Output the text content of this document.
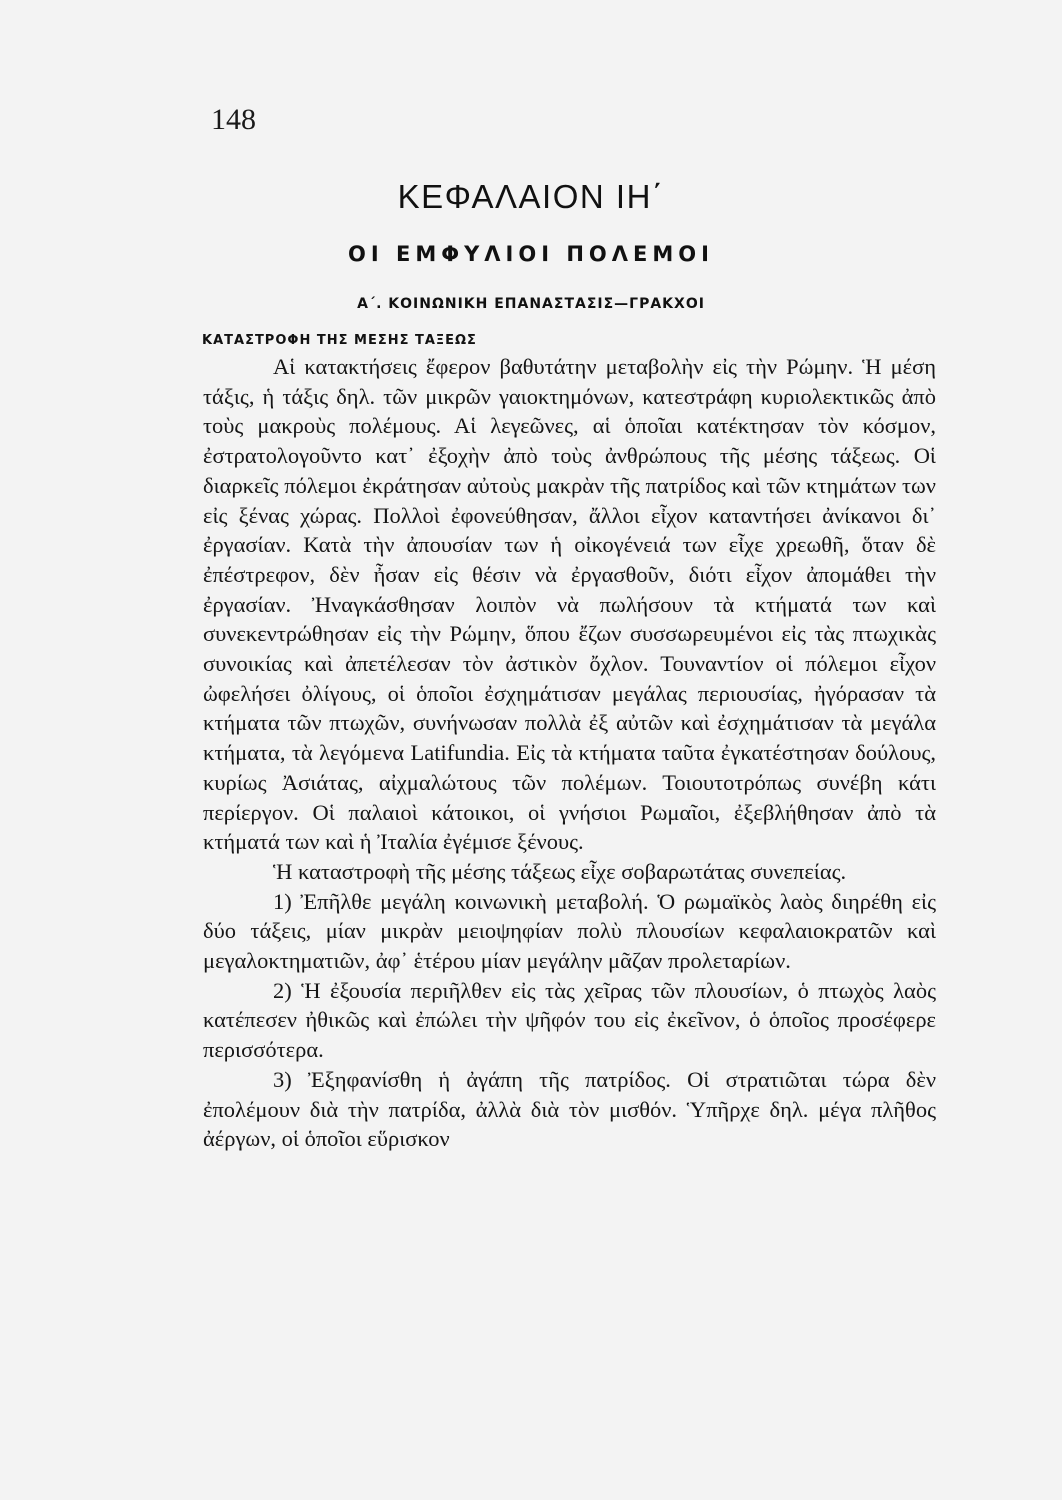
148
ΚΕΦΑΛΑΙΟΝ ΙΗ΄
ΟΙ ΕΜΦΥΛΙΟΙ ΠΟΛΕΜΟΙ
Α΄. ΚΟΙΝΩΝΙΚΗ ΕΠΑΝΑΣΤΑΣΙΣ—ΓΡΑΚΧΟΙ
ΚΑΤΑΣΤΡΟΦΗ ΤΗΣ ΜΕΣΗΣ ΤΑΞΕΩΣ

Αἱ κατακτήσεις ἔφερον βαθυτάτην μεταβολὴν εἰς τὴν Ρώμην. Ἡ μέση τάξις, ἡ τάξις δηλ. τῶν μικρῶν γαιοκτημόνων, κατεστράφη κυριολεκτικῶς ἀπὸ τοὺς μακροὺς πολέμους. Αἱ λεγεῶνες, αἱ ὁποῖαι κατέκτησαν τὸν κόσμον, ἐστρατολογοῦντο κατ᾽ ἐξοχὴν ἀπὸ τοὺς ἀνθρώπους τῆς μέσης τάξεως. Οἱ διαρκεῖς πόλεμοι ἐκράτησαν αὐτοὺς μακρὰν τῆς πατρίδος καὶ τῶν κτημάτων των εἰς ξένας χώρας. Πολλοὶ ἐφονεύθησαν, ἄλλοι εἶχον καταντήσει ἀνίκανοι δι᾽ ἐργασίαν. Κατὰ τὴν ἀπουσίαν των ἡ οἰκογένειά των εἶχε χρεωθῆ, ὅταν δὲ ἐπέστρεφον, δὲν ἦσαν εἰς θέσιν νὰ ἐργασθοῦν, διότι εἶχον ἀπομάθει τὴν ἐργασίαν. Ἠναγκάσθησαν λοιπὸν νὰ πωλήσουν τὰ κτήματά των καὶ συνεκεντρώθησαν εἰς τὴν Ρώμην, ὅπου ἔζων συσσωρευμένοι εἰς τὰς πτωχικὰς συνοικίας καὶ ἀπετέλεσαν τὸν ἀστικὸν ὄχλον. Τουναντίον οἱ πόλεμοι εἶχον ὠφελήσει ὀλίγους, οἱ ὁποῖοι ἐσχημάτισαν μεγάλας περιουσίας, ἠγόρασαν τὰ κτήματα τῶν πτωχῶν, συνήνωσαν πολλὰ ἐξ αὐτῶν καὶ ἐσχημάτισαν τὰ μεγάλα κτήματα, τὰ λεγόμενα Latifundia. Εἰς τὰ κτήματα ταῦτα ἐγκατέστησαν δούλους, κυρίως Ἀσιάτας, αἰχμαλώτους τῶν πολέμων. Τοιουτοτρόπως συνέβη κάτι περίεργον. Οἱ παλαιοὶ κάτοικοι, οἱ γνήσιοι Ρωμαῖοι, ἐξεβλήθησαν ἀπὸ τὰ κτήματά των καὶ ἡ Ἰταλία ἐγέμισε ξένους.

Ἡ καταστροφὴ τῆς μέσης τάξεως εἶχε σοβαρωτάτας συνεπείας.

1) Ἐπῆλθε μεγάλη κοινωνικὴ μεταβολή. Ὁ ρωμαϊκὸς λαὸς διηρέθη εἰς δύο τάξεις, μίαν μικρὰν μειοψηφίαν πολὺ πλουσίων κεφαλαιοκρατῶν καὶ μεγαλοκτηματιῶν, ἀφ᾽ ἑτέρου μίαν μεγάλην μᾶζαν προλεταρίων.

2) Ἡ ἐξουσία περιῆλθεν εἰς τὰς χεῖρας τῶν πλουσίων, ὁ πτωχὸς λαὸς κατέπεσεν ἠθικῶς καὶ ἐπώλει τὴν ψῆφόν του εἰς ἐκεῖνον, ὁ ὁποῖος προσέφερε περισσότερα.

3) Ἐξηφανίσθη ἡ ἀγάπη τῆς πατρίδος. Οἱ στρατιῶται τώρα δὲν ἐπολέμουν διὰ τὴν πατρίδα, ἀλλὰ διὰ τὸν μισθόν. Ὑπῆρχε δηλ. μέγα πλῆθος ἀέργων, οἱ ὁποῖοι εὕρισκον
